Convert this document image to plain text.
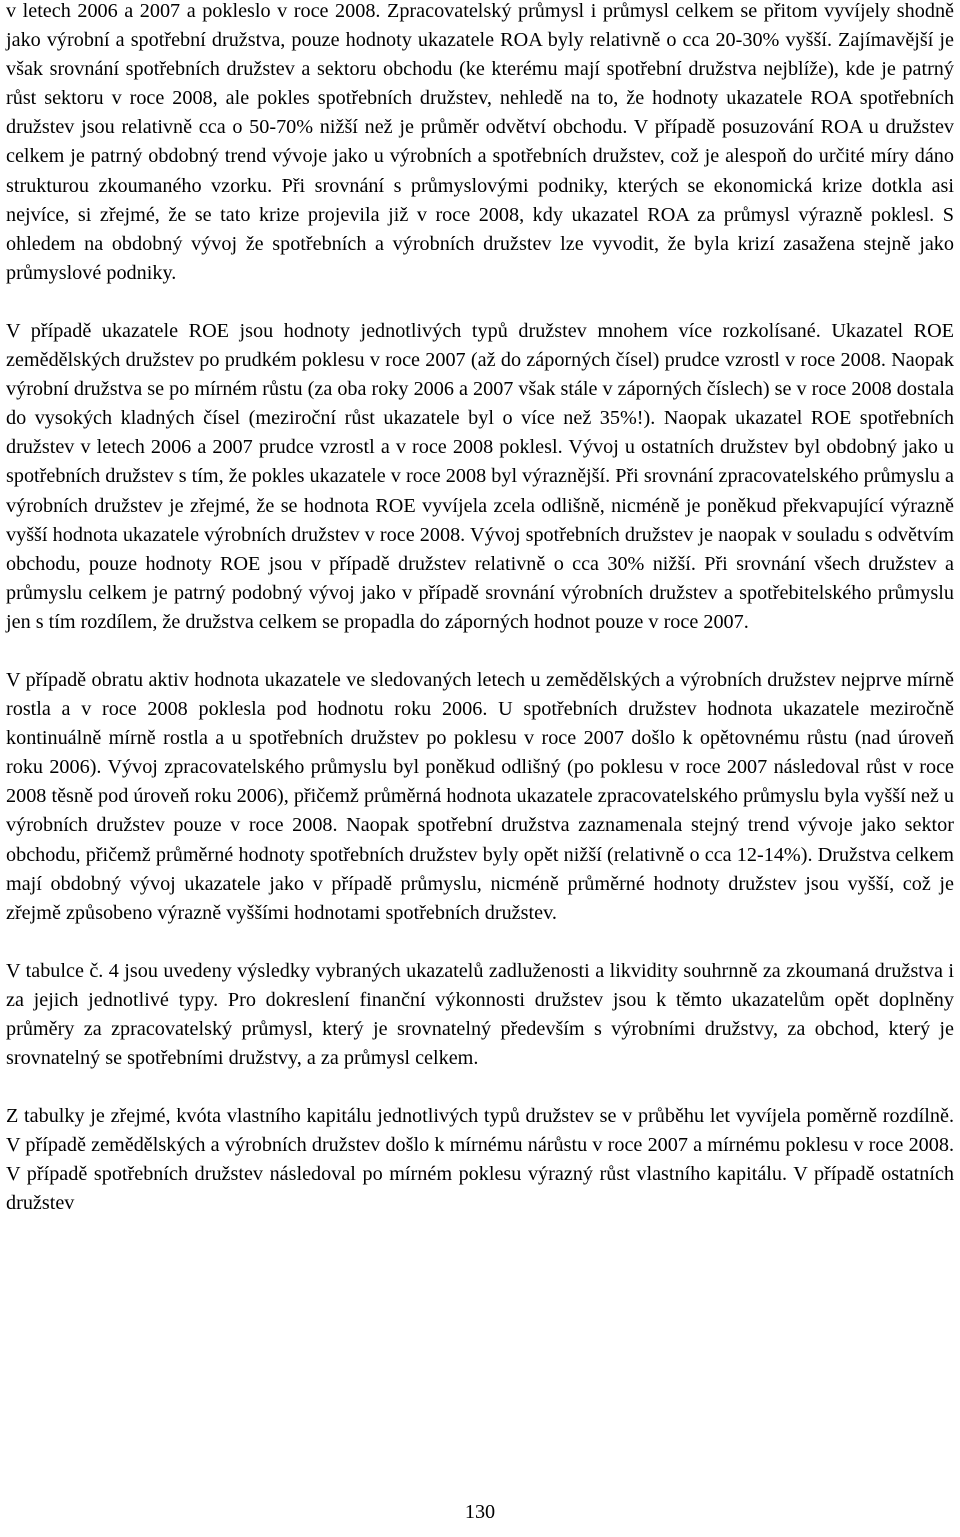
v letech 2006 a 2007 a pokleslo v roce 2008. Zpracovatelský průmysl i průmysl celkem se přitom vyvíjely shodně jako výrobní a spotřební družstva, pouze hodnoty ukazatele ROA byly relativně o cca 20-30% vyšší. Zajímavější je však srovnání spotřebních družstev a sektoru obchodu (ke kterému mají spotřební družstva nejblíže), kde je patrný růst sektoru v roce 2008, ale pokles spotřebních družstev, nehledě na to, že hodnoty ukazatele ROA spotřebních družstev jsou relativně cca o 50-70% nižší než je průměr odvětví obchodu. V případě posuzování ROA u družstev celkem je patrný obdobný trend vývoje jako u výrobních a spotřebních družstev, což je alespoň do určité míry dáno strukturou zkoumaného vzorku. Při srovnání s průmyslovými podniky, kterých se ekonomická krize dotkla asi nejvíce, si zřejmé, že se tato krize projevila již v roce 2008, kdy ukazatel ROA za průmysl výrazně poklesl. S ohledem na obdobný vývoj že spotřebních a výrobních družstev lze vyvodit, že byla krizí zasažena stejně jako průmyslové podniky.

V případě ukazatele ROE jsou hodnoty jednotlivých typů družstev mnohem více rozkolísané. Ukazatel ROE zemědělských družstev po prudkém poklesu v roce 2007 (až do záporných čísel) prudce vzrostl v roce 2008. Naopak výrobní družstva se po mírném růstu (za oba roky 2006 a 2007 však stále v záporných číslech) se v roce 2008 dostala do vysokých kladných čísel (meziroční růst ukazatele byl o více než 35%!). Naopak ukazatel ROE spotřebních družstev v letech 2006 a 2007 prudce vzrostl a v roce 2008 poklesl. Vývoj u ostatních družstev byl obdobný jako u spotřebních družstev s tím, že pokles ukazatele v roce 2008 byl výraznější. Při srovnání zpracovatelského průmyslu a výrobních družstev je zřejmé, že se hodnota ROE vyvíjela zcela odlišně, nicméně je poněkud překvapující výrazně vyšší hodnota ukazatele výrobních družstev v roce 2008. Vývoj spotřebních družstev je naopak v souladu s odvětvím obchodu, pouze hodnoty ROE jsou v případě družstev relativně o cca 30% nižší. Při srovnání všech družstev a průmyslu celkem je patrný podobný vývoj jako v případě srovnání výrobních družstev a spotřebitelského průmyslu jen s tím rozdílem, že družstva celkem se propadla do záporných hodnot pouze v roce 2007.

V případě obratu aktiv hodnota ukazatele ve sledovaných letech u zemědělských a výrobních družstev nejprve mírně rostla a v roce 2008 poklesla pod hodnotu roku 2006. U spotřebních družstev hodnota ukazatele meziročně kontinuálně mírně rostla a u spotřebních družstev po poklesu v roce 2007 došlo k opětovnému růstu (nad úroveň roku 2006). Vývoj zpracovatelského průmyslu byl poněkud odlišný (po poklesu v roce 2007 následoval růst v roce 2008 těsně pod úroveň roku 2006), přičemž průměrná hodnota ukazatele zpracovatelského průmyslu byla vyšší než u výrobních družstev pouze v roce 2008. Naopak spotřební družstva zaznamenala stejný trend vývoje jako sektor obchodu, přičemž průměrné hodnoty spotřebních družstev byly opět nižší (relativně o cca 12-14%). Družstva celkem mají obdobný vývoj ukazatele jako v případě průmyslu, nicméně průměrné hodnoty družstev jsou vyšší, což je zřejmě způsobeno výrazně vyššími hodnotami spotřebních družstev.

V tabulce č. 4 jsou uvedeny výsledky vybraných ukazatelů zadluženosti a likvidity souhrnně za zkoumaná družstva i za jejich jednotlivé typy. Pro dokreslení finanční výkonnosti družstev jsou k těmto ukazatelům opět doplněny průměry za zpracovatelský průmysl, který je srovnatelný především s výrobními družstvy, za obchod, který je srovnatelný se spotřebními družstvy, a za průmysl celkem.

Z tabulky je zřejmé, kvóta vlastního kapitálu jednotlivých typů družstev se v průběhu let vyvíjela poměrně rozdílně. V případě zemědělských a výrobních družstev došlo k mírnému nárůstu v roce 2007 a mírnému poklesu v roce 2008. V případě spotřebních družstev následoval po mírném poklesu výrazný růst vlastního kapitálu. V případě ostatních družstev

130
